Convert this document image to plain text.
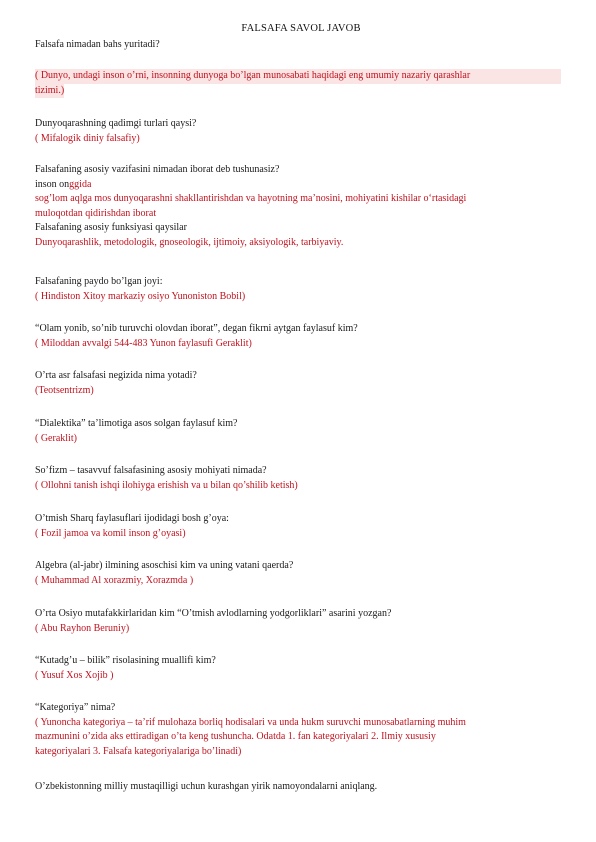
FALSAFA SAVOL JAVOB
Falsafa nimadan bahs yuritadi?
( Dunyo, undagi inson o’rni, insonning dunyoga bo’lgan munosabati haqidagi eng umumiy nazariy qarashlar
tizimi.)
Dunyoqarashning qadimgi turlari qaysi?
( Mifalogik diniy falsafiy)
Falsafaning asosiy vazifasini nimadan iborat deb tushunasiz?
inson onggida
sog’lom aqlga mos dunyoqarashni shakllantirishdan va hayotning ma’nosini, mohiyatini kishilar oʻrtasidagi
muloqotdan qidirishdan iborat
Falsafaning asosiy funksiyasi qaysilar
Dunyoqarashlik, metodologik, gnoseologik, ijtimoiy, aksiyologik, tarbiyaviy.
Falsafaning paydo bo’lgan joyi:
( Hindiston Xitoy markaziy osiyo Yunoniston Bobil)
“Olam yonib, so’nib turuvchi olovdan iborat”, degan fikrni aytgan faylasuf kim?
( Miloddan avvalgi 544-483 Yunon faylasufi Geraklit)
O’rta asr falsafasi negizida nima yotadi?
(Teotsentrizm)
“Dialektika” ta’limotiga asos solgan faylasuf kim?
( Geraklit)
So’fizm – tasavvuf falsafasining asosiy mohiyati nimada?
( Ollohni tanish ishqi ilohiyga erishish va u bilan qo’shilib ketish)
O’tmish Sharq faylasuflari ijodidagi bosh g’oya:
( Fozil jamoa va komil inson g’oyasi)
Algebra (al-jabr) ilmining asoschisi kim va uning vatani qaerda?
( Muhammad Al xorazmiy, Xorazmda )
O’rta Osiyo mutafakkirlaridan kim “O’tmish avlodlarning yodgorliklari” asarini yozgan?
( Abu Rayhon Beruniy)
“Kutadg’u – bilik” risolasining muallifi kim?
( Yusuf Xos Xojib )
“Kategoriya” nima?
( Yunoncha kategoriya – ta’rif mulohaza borliq hodisalari va unda hukm suruvchi munosabatlarning muhim
mazmunini o’zida aks ettiradigan o’ta keng tushuncha. Odatda 1. fan kategoriyalari 2. Ilmiy xususiy
kategoriyalari 3. Falsafa kategoriyalariga bo’linadi)
O’zbekistonning milliy mustaqilligi uchun kurashgan yirik namoyondalarni aniqlang.
